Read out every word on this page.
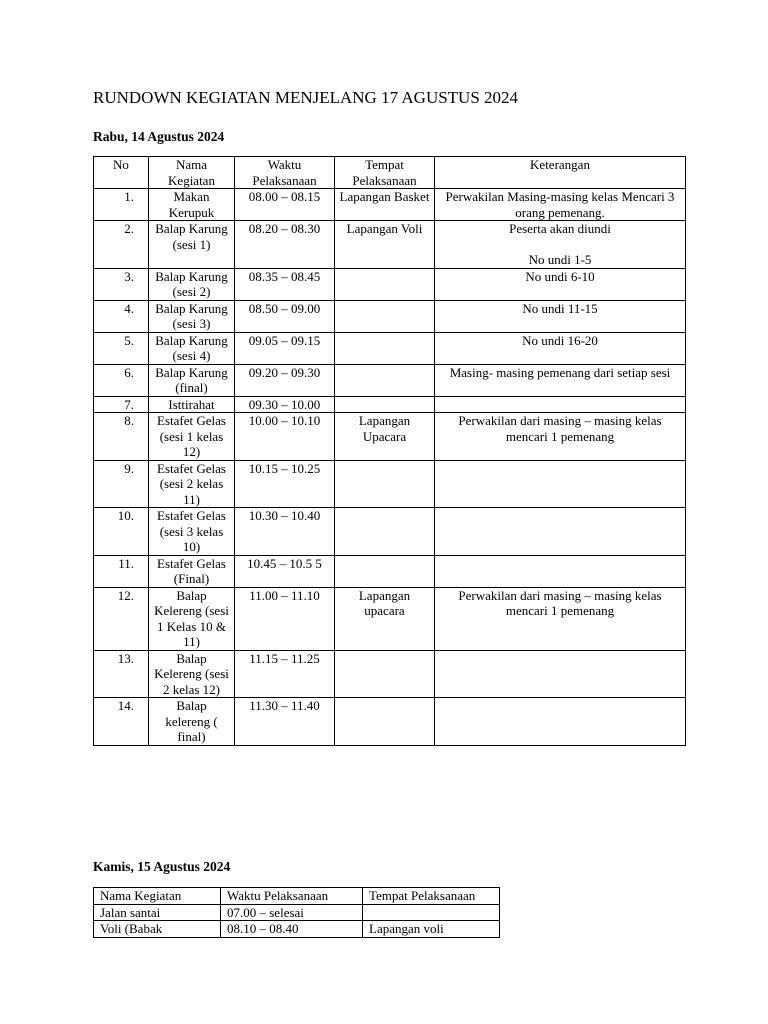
RUNDOWN KEGIATAN MENJELANG 17 AGUSTUS 2024
Rabu, 14 Agustus 2024
No	Nama Kegiatan	Waktu Pelaksanaan	Tempat Pelaksanaan	Keterangan
1.	Makan Kerupuk	08.00 – 08.15	Lapangan Basket	Perwakilan Masing-masing kelas Mencari 3 orang pemenang.
2.	Balap Karung (sesi 1)	08.20 – 08.30	Lapangan Voli	Peserta akan diundi

No undi 1-5

3.	Balap Karung (sesi 2)	08.35 – 08.45		No undi 6-10
4.	Balap Karung (sesi 3)	08.50 – 09.00		No undi 11-15
5.	Balap Karung (sesi 4)	09.05 – 09.15		No undi 16-20
6.	Balap Karung (final)	09.20 – 09.30		Masing- masing pemenang dari setiap sesi
7.	Isttirahat	09.30 – 10.00		
8.	Estafet Gelas (sesi 1 kelas 12)	10.00 – 10.10	Lapangan Upacara	Perwakilan dari masing – masing kelas mencari 1 pemenang
9.	Estafet Gelas (sesi 2 kelas 11)	10.15 – 10.25		
10.	Estafet Gelas (sesi 3 kelas 10)	10.30 – 10.40		
11.	Estafet Gelas (Final)	10.45 – 10.5 5		
12.	Balap Kelereng (sesi 1 Kelas 10 & 11)	11.00 – 11.10	Lapangan upacara	Perwakilan dari masing – masing kelas mencari 1 pemenang
13.	Balap Kelereng (sesi 2 kelas 12)	11.15 – 11.25		
14.	Balap kelereng ( final)	11.30 – 11.40		
Kamis, 15 Agustus 2024
Nama Kegiatan	Waktu Pelaksanaan	Tempat Pelaksanaan
Jalan santai	07.00 – selesai	
Voli (Babak	08.10 – 08.40	Lapangan voli
